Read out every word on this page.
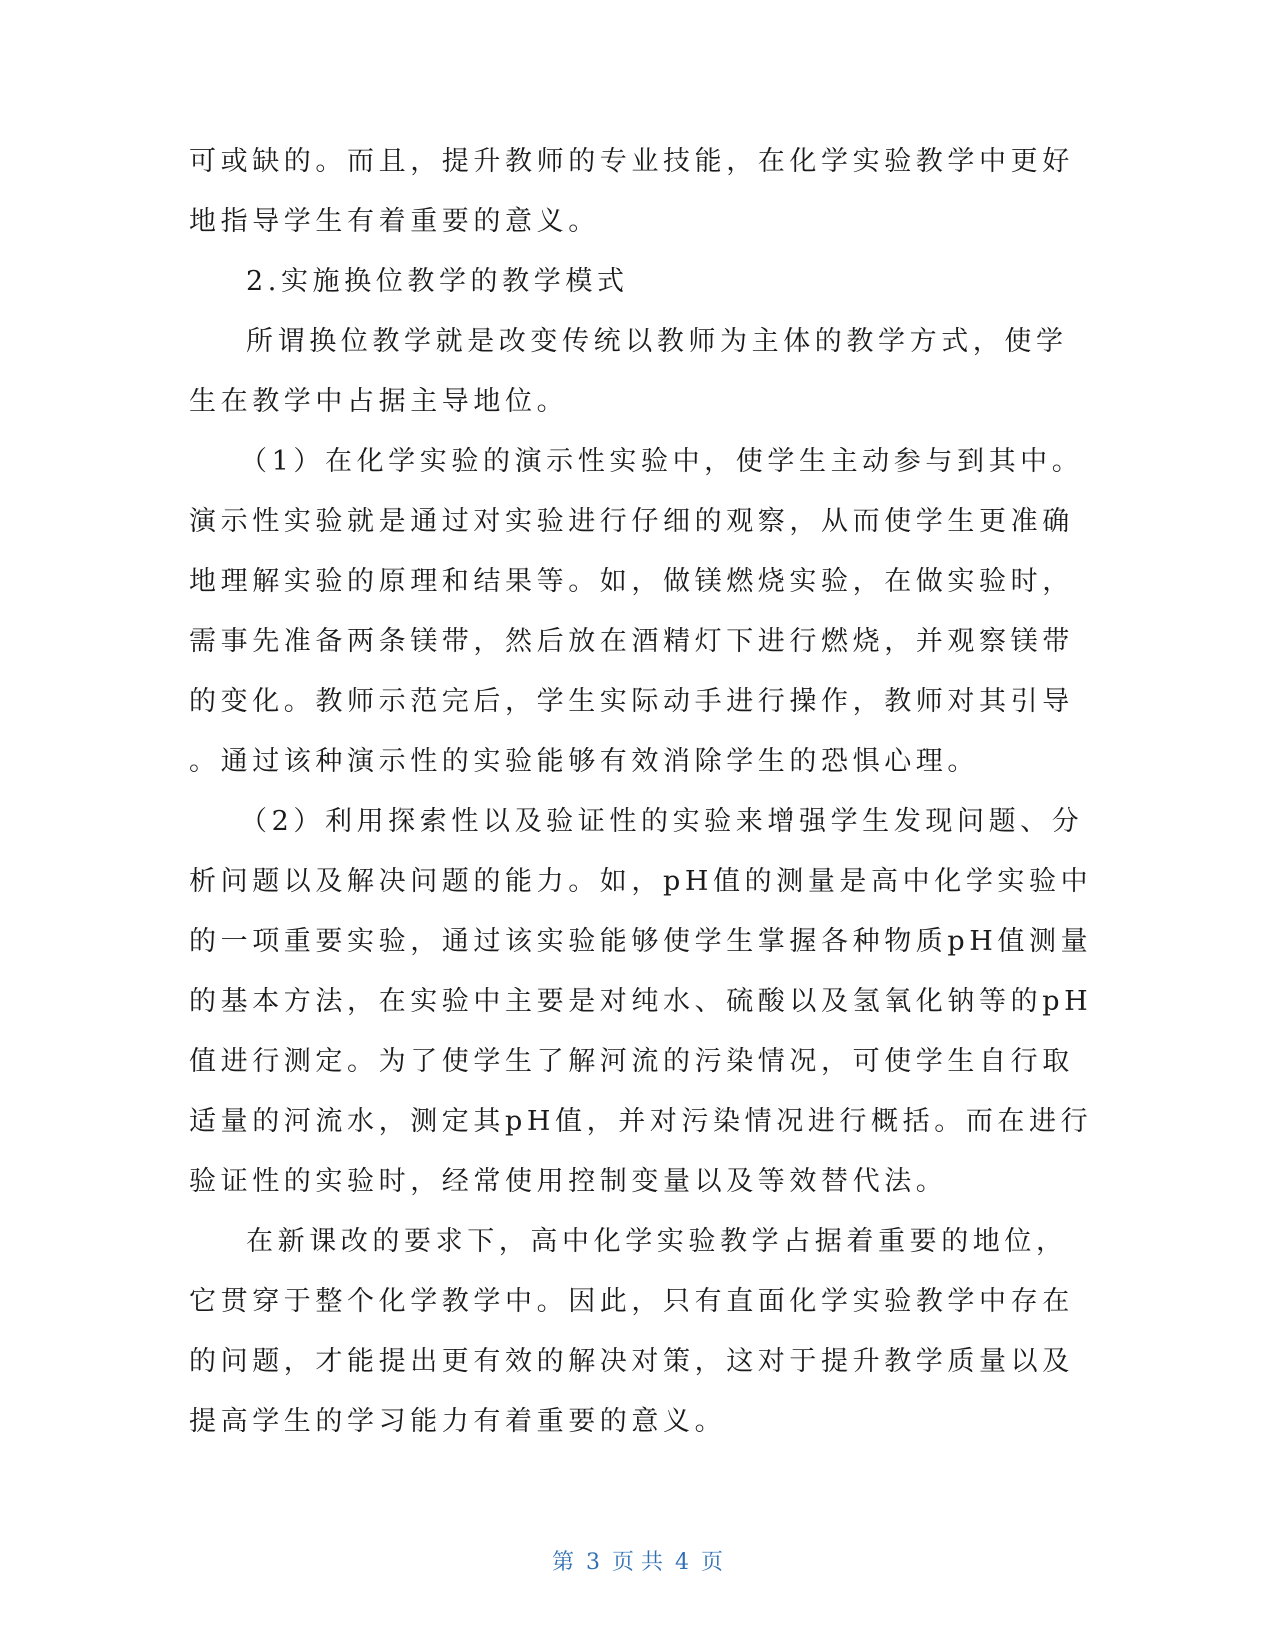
可或缺的。而且，提升教师的专业技能，在化学实验教学中更好
地指导学生有着重要的意义。
2.实施换位教学的教学模式
所谓换位教学就是改变传统以教师为主体的教学方式，使学
生在教学中占据主导地位。
（1）在化学实验的演示性实验中，使学生主动参与到其中。
演示性实验就是通过对实验进行仔细的观察，从而使学生更准确
地理解实验的原理和结果等。如，做镁燃烧实验，在做实验时，
需事先准备两条镁带，然后放在酒精灯下进行燃烧，并观察镁带
的变化。教师示范完后，学生实际动手进行操作，教师对其引导
。通过该种演示性的实验能够有效消除学生的恐惧心理。
（2）利用探索性以及验证性的实验来增强学生发现问题、分
析问题以及解决问题的能力。如，pH值的测量是高中化学实验中
的一项重要实验，通过该实验能够使学生掌握各种物质pH值测量
的基本方法，在实验中主要是对纯水、硫酸以及氢氧化钠等的pH
值进行测定。为了使学生了解河流的污染情况，可使学生自行取
适量的河流水，测定其pH值，并对污染情况进行概括。而在进行
验证性的实验时，经常使用控制变量以及等效替代法。
在新课改的要求下，高中化学实验教学占据着重要的地位，
它贯穿于整个化学教学中。因此，只有直面化学实验教学中存在
的问题，才能提出更有效的解决对策，这对于提升教学质量以及
提高学生的学习能力有着重要的意义。
第 3 页 共 4 页
